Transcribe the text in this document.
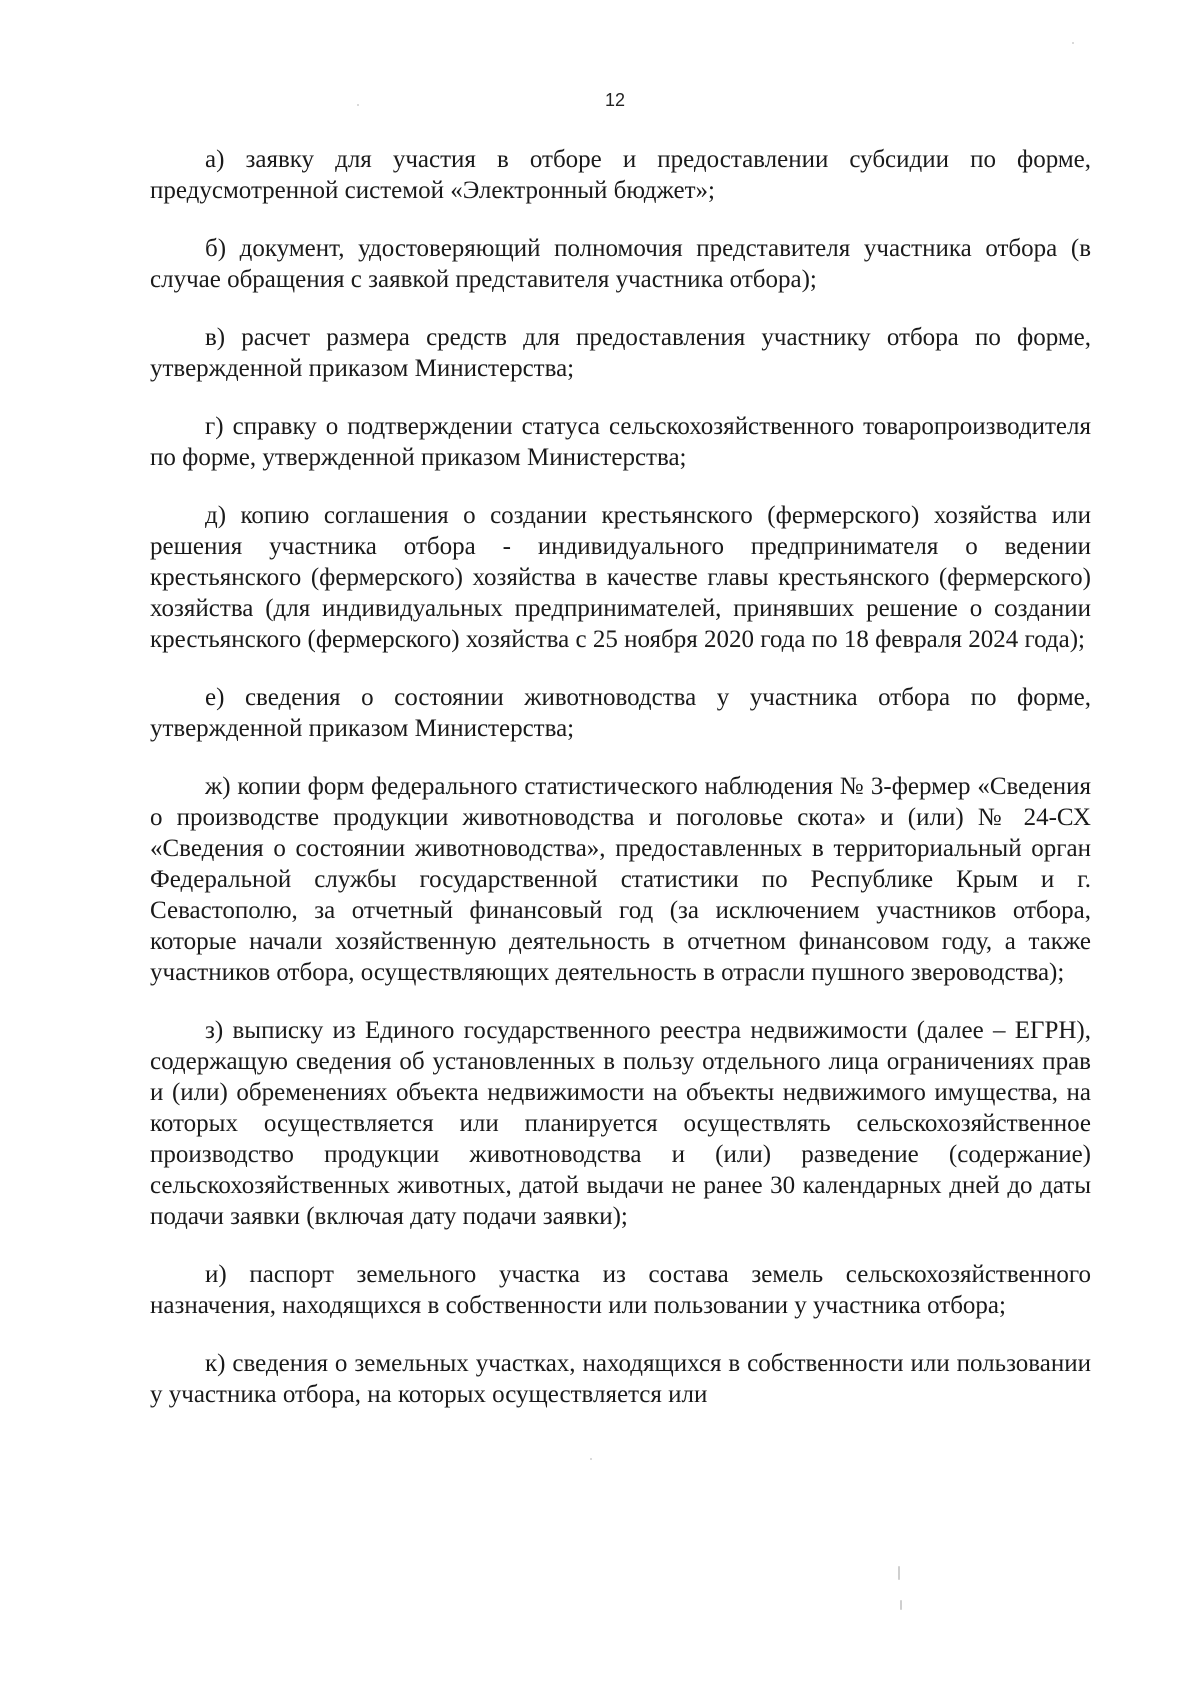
12

а) заявку для участия в отборе и предоставлении субсидии по форме, предусмотренной системой «Электронный бюджет»;

б) документ, удостоверяющий полномочия представителя участника отбора (в случае обращения с заявкой представителя участника отбора);

в) расчет размера средств для предоставления участнику отбора по форме, утвержденной приказом Министерства;

г) справку о подтверждении статуса сельскохозяйственного товаропроизводителя по форме, утвержденной приказом Министерства;

д) копию соглашения о создании крестьянского (фермерского) хозяйства или решения участника отбора - индивидуального предпринимателя о ведении крестьянского (фермерского) хозяйства в качестве главы крестьянского (фермерского) хозяйства (для индивидуальных предпринимателей, принявших решение о создании крестьянского (фермерского) хозяйства с 25 ноября 2020 года по 18 февраля 2024 года);

е) сведения о состоянии животноводства у участника отбора по форме, утвержденной приказом Министерства;

ж) копии форм федерального статистического наблюдения № 3-фермер «Сведения о производстве продукции животноводства и поголовье скота» и (или) № 24-СХ «Сведения о состоянии животноводства», предоставленных в территориальный орган Федеральной службы государственной статистики по Республике Крым и г. Севастополю, за отчетный финансовый год (за исключением участников отбора, которые начали хозяйственную деятельность в отчетном финансовом году, а также участников отбора, осуществляющих деятельность в отрасли пушного звероводства);

з) выписку из Единого государственного реестра недвижимости (далее – ЕГРН), содержащую сведения об установленных в пользу отдельного лица ограничениях прав и (или) обременениях объекта недвижимости на объекты недвижимого имущества, на которых осуществляется или планируется осуществлять сельскохозяйственное производство продукции животноводства и (или) разведение (содержание) сельскохозяйственных животных, датой выдачи не ранее 30 календарных дней до даты подачи заявки (включая дату подачи заявки);

и) паспорт земельного участка из состава земель сельскохозяйственного назначения, находящихся в собственности или пользовании у участника отбора;

к) сведения о земельных участках, находящихся в собственности или пользовании у участника отбора, на которых осуществляется или
